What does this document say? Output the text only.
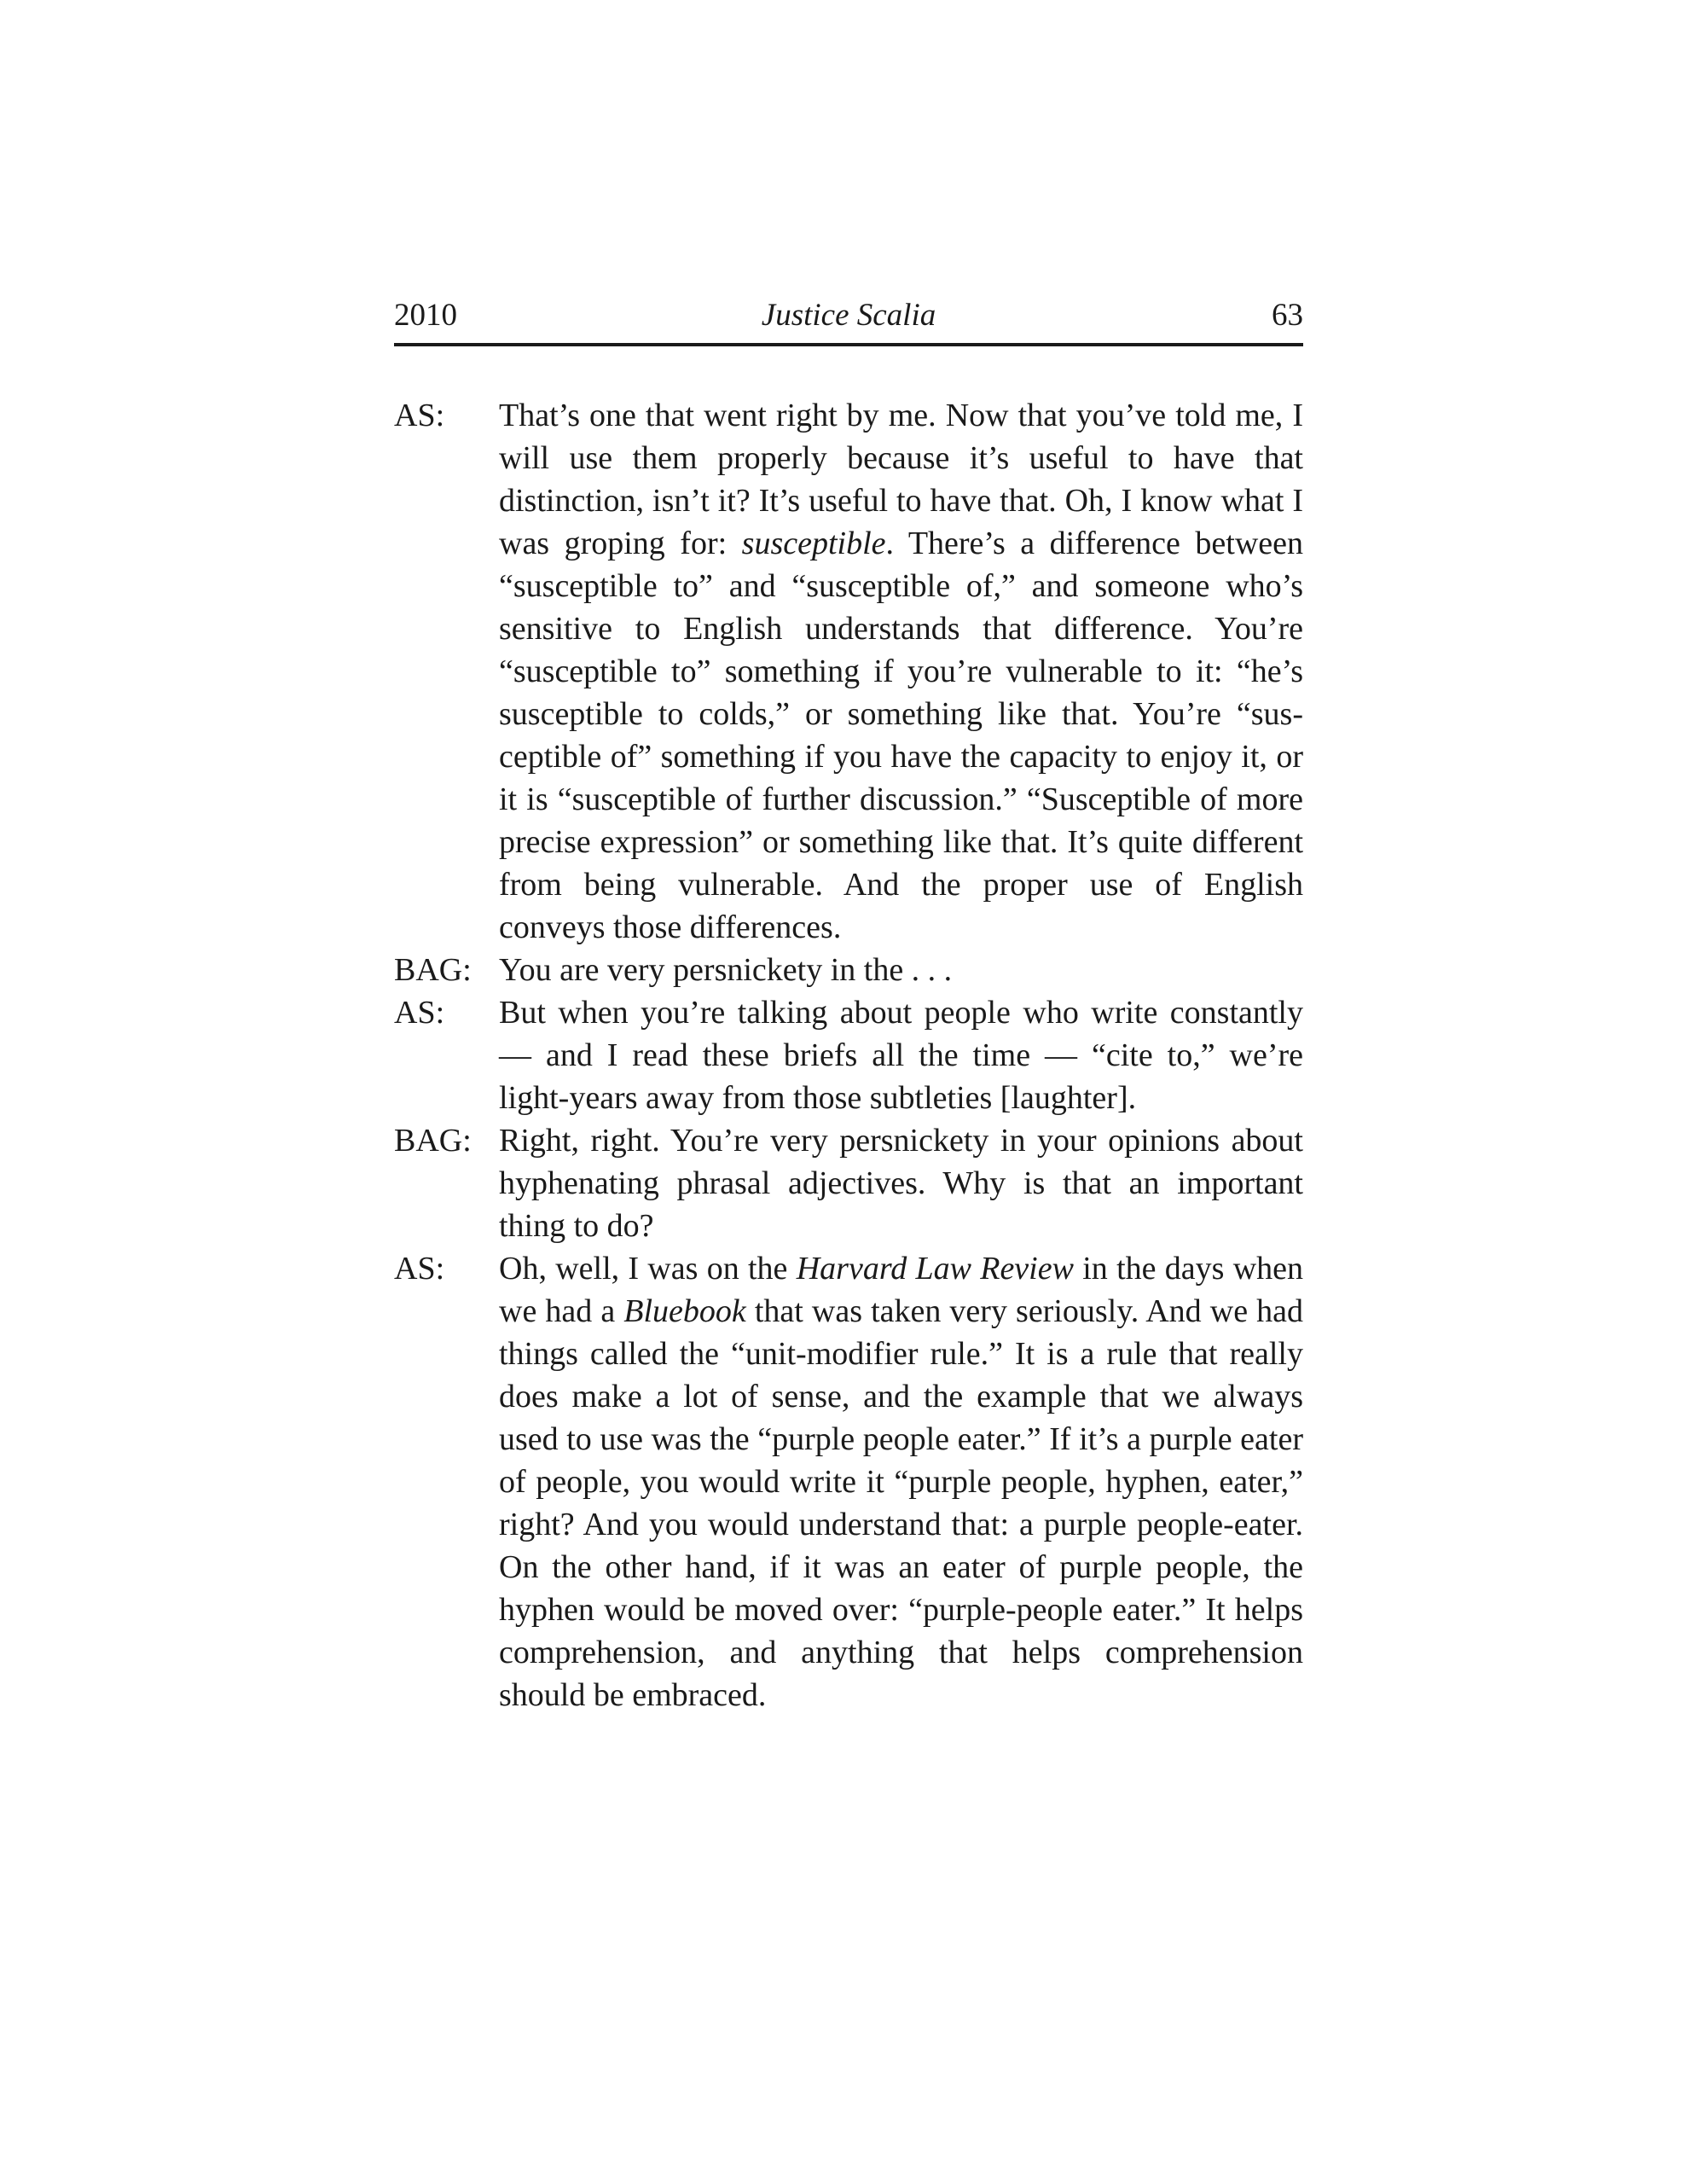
2010	Justice Scalia	63
AS:	That’s one that went right by me. Now that you’ve told me, I will use them properly because it’s useful to have that distinction, isn’t it? It’s useful to have that. Oh, I know what I was groping for: susceptible. There’s a difference between “susceptible to” and “susceptible of,” and someone who’s sensitive to English understands that difference. You’re “susceptible to” something if you’re vulnerable to it: “he’s susceptible to colds,” or something like that. You’re “susceptible of” something if you have the capacity to enjoy it, or it is “susceptible of further discussion.” “Susceptible of more precise expression” or something like that. It’s quite different from being vulnerable. And the proper use of English conveys those differences.
BAG: You are very persnickety in the . . .
AS:	But when you’re talking about people who write constantly — and I read these briefs all the time — “cite to,” we’re light-years away from those subtleties [laughter].
BAG: Right, right. You’re very persnickety in your opinions about hyphenating phrasal adjectives. Why is that an important thing to do?
AS:	Oh, well, I was on the Harvard Law Review in the days when we had a Bluebook that was taken very seriously. And we had things called the “unit-modifier rule.” It is a rule that really does make a lot of sense, and the example that we always used to use was the “purple people eater.” If it’s a purple eater of people, you would write it “purple people, hyphen, eater,” right? And you would understand that: a purple people-eater. On the other hand, if it was an eater of purple people, the hyphen would be moved over: “purple-people eater.” It helps comprehension, and anything that helps comprehension should be embraced.
